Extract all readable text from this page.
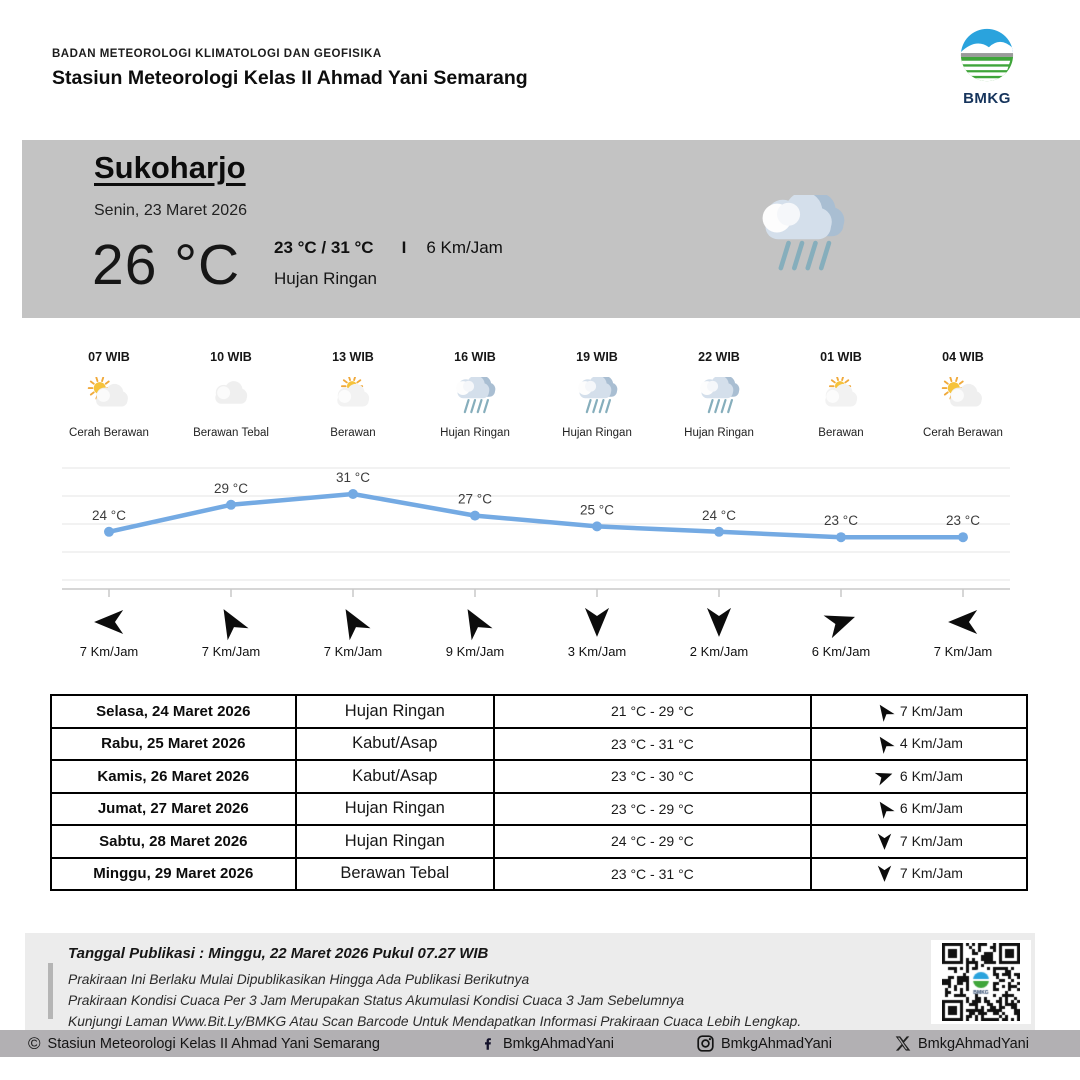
BADAN METEOROLOGI KLIMATOLOGI DAN GEOFISIKA
Stasiun Meteorologi Kelas II Ahmad Yani Semarang
BMKG
Sukoharjo
Senin, 23 Maret 2026
26 °C 23 °C / 31 °C I 6 Km/Jam
Hujan Ringan
07 WIB
Cerah Berawan
10 WIB
Berawan Tebal
13 WIB
Berawan
16 WIB
Hujan Ringan
19 WIB
Hujan Ringan
22 WIB
Hujan Ringan
01 WIB
Berawan
04 WIB
Cerah Berawan
24 °C
29 °C
31 °C
27 °C
25 °C	24 °C	23 °C	23 °C
7 Km/Jam	7 Km/Jam	7 Km/Jam	9 Km/Jam	3 Km/Jam	2 Km/Jam	6 Km/Jam	7 Km/Jam
Selasa, 24 Maret 2026	Hujan Ringan	21 °C - 29 °C	7 Km/Jam
Rabu, 25 Maret 2026	Kabut/Asap	23 °C - 31 °C	4 Km/Jam
Kamis, 26 Maret 2026	Kabut/Asap	23 °C - 30 °C	6 Km/Jam
Jumat, 27 Maret 2026	Hujan Ringan	23 °C - 29 °C	6 Km/Jam
Sabtu, 28 Maret 2026	Hujan Ringan	24 °C - 29 °C	7 Km/Jam
Minggu, 29 Maret 2026	Berawan Tebal	23 °C - 31 °C	7 Km/Jam
Tanggal Publikasi : Minggu, 22 Maret 2026 Pukul 07.27 WIB
Prakiraan Ini Berlaku Mulai Dipublikasikan Hingga Ada Publikasi Berikutnya
Prakiraan Kondisi Cuaca Per 3 Jam Merupakan Status Akumulasi Kondisi Cuaca 3 Jam Sebelumnya
Kunjungi Laman Www.Bit.Ly/BMKG Atau Scan Barcode Untuk Mendapatkan Informasi Prakiraan Cuaca Lebih Lengkap.
© Stasiun Meteorologi Kelas II Ahmad Yani Semarang	BmkgAhmadYani	BmkgAhmadYani	BmkgAhmadYani
